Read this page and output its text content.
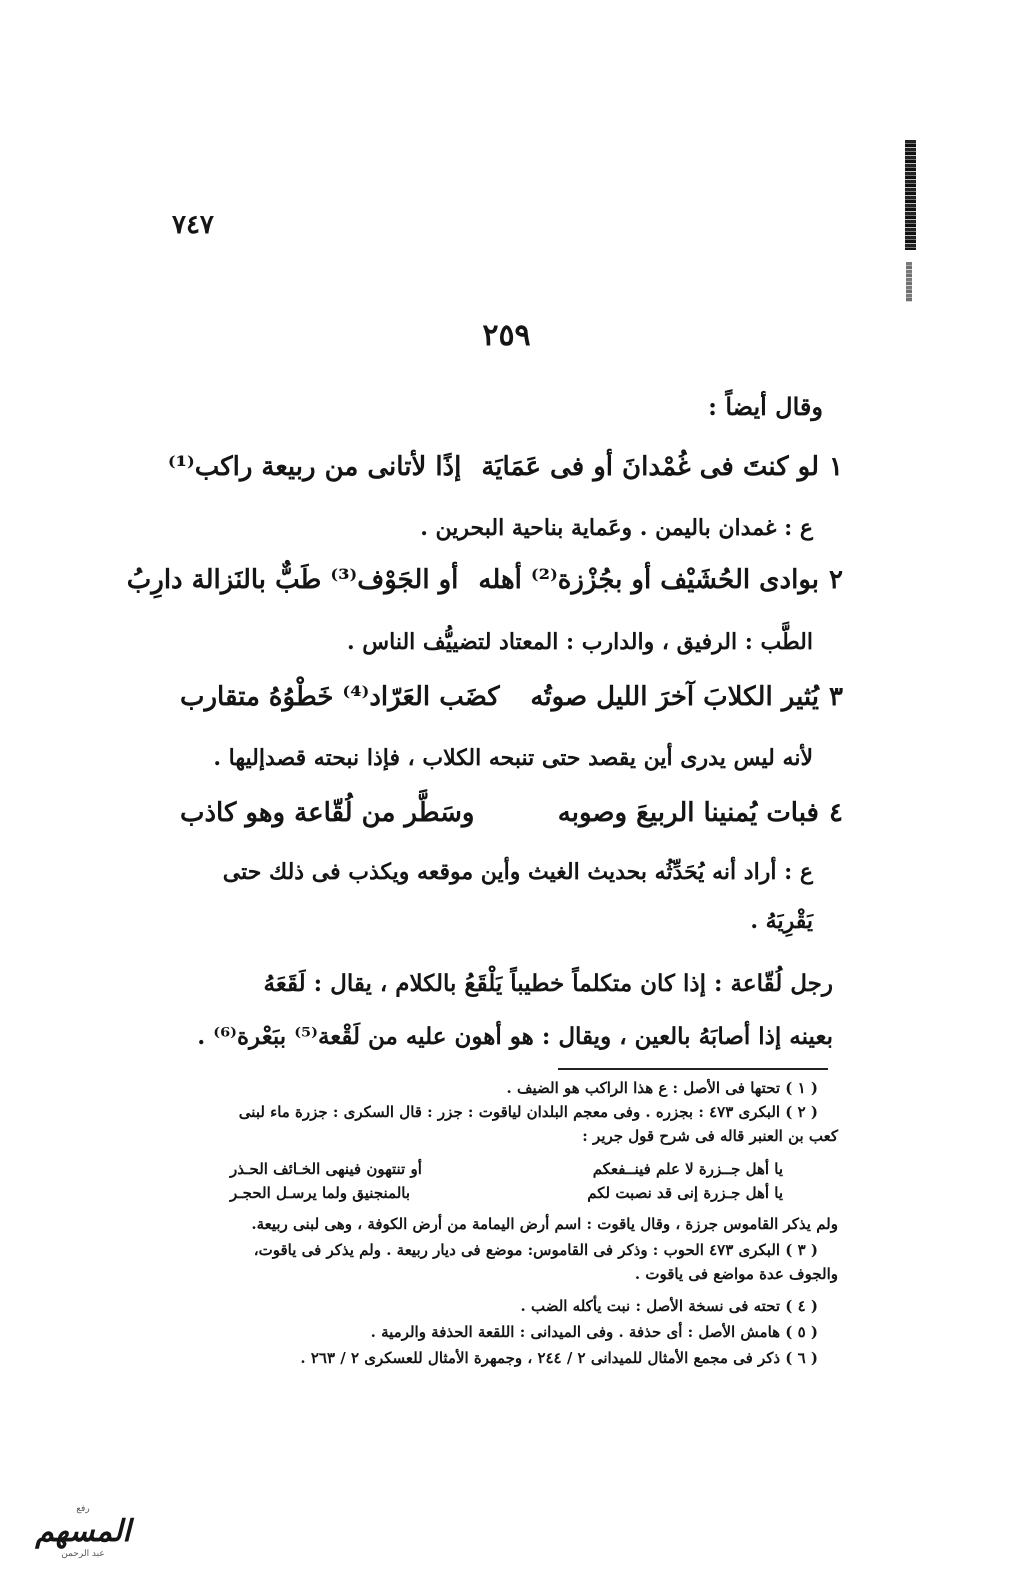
٧٤٧
٢٥٩
وقال أيضاً :
١
لو كنتَ فى غُمْدانَ أو فى عَمَايَة
إذًا لأتانى من ربيعة راكب⁽¹⁾
ع : غمدان باليمن . وعَماية بناحية البحرين .
٢
بوادى الحُشَيْف أو بجُزْزة⁽²⁾ أهله
أو الجَوْف⁽³⁾ طَبٌّ بالنَزالة دارِبُ
الطَّب : الرفيق ، والدارب : المعتاد لتضييُّف الناس .
٣
يُثير الكلابَ آخرَ الليل صوتُه
كضَب العَرّاد⁽⁴⁾ خَطْوُهُ متقارب
لأنه ليس يدرى أين يقصد حتى تنبحه الكلاب ، فإذا نبحته قصدإليها .
٤
فبات يُمنينا الربيعَ وصوبه
وسَطَّر من لُقّاعة وهو كاذب
ع : أراد أنه يُحَدِّثُه بحديث الغيث وأين موقعه ويكذب فى ذلك حتى
يَقْرِيَهُ .
رجل لُقّاعة : إذا كان متكلماً خطيباً يَلْقَعُ بالكلام ، يقال : لَقَعَهُ
بعينه إذا أصابَهُ بالعين ، ويقال : هو أهون عليه من لَقْعة⁽⁵⁾ ببَعْرة⁽⁶⁾ .
( ١ ) تحتها فى الأصل : ع هذا الراكب هو الضيف .
( ٢ ) البكرى ٤٧٣ : بجزره . وفى معجم البلدان لياقوت : جزر : قال السكرى : جزرة ماء لبنى
كعب بن العنبر قاله فى شرح قول جرير :
يا أهل جــزرة لا علم فينــفعكم
أو تنتهون فينهى الخـائف الحـذر
يا أهل جـزرة إنى قد نصبت لكم
بالمنجنيق ولما يرسـل الحجـر
ولم يذكر القاموس جرزة ، وقال ياقوت : اسم أرض اليمامة من أرض الكوفة ، وهى لبنى ربيعة.
( ٣ ) البكرى ٤٧٣ الحوب : وذكر فى القاموس: موضع فى ديار ربيعة . ولم يذكر فى ياقوت،
والجوف عدة مواضع فى ياقوت .
( ٤ ) تحته فى نسخة الأصل : نبت يأكله الضب .
( ٥ ) هامش الأصل : أى حذفة . وفى الميدانى : اللقعة الحذفة والرمية .
( ٦ ) ذكر فى مجمع الأمثال للميدانى ٢ / ٢٤٤ ، وجمهرة الأمثال للعسكرى ٢ / ٢٦٣ .
رفع
المسهم
عبد الرحمن
